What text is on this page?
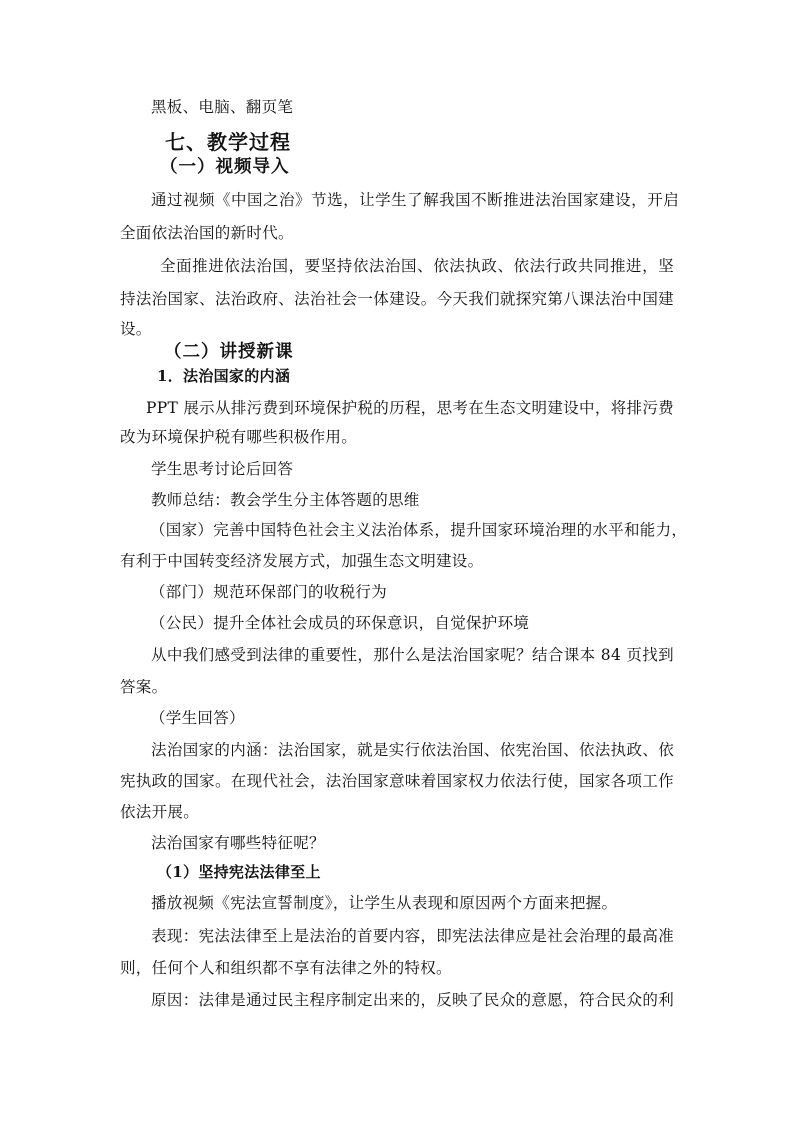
黑板、电脑、翻页笔
七、教学过程
（一）视频导入
通过视频《中国之治》节选，让学生了解我国不断推进法治国家建设，开启
全面依法治国的新时代。
全面推进依法治国，要坚持依法治国、依法执政、依法行政共同推进，坚
持法治国家、法治政府、法治社会一体建设。今天我们就探究第八课法治中国建
设。
（二）讲授新课
1．法治国家的内涵
PPT 展示从排污费到环境保护税的历程，思考在生态文明建设中，将排污费
改为环境保护税有哪些积极作用。
学生思考讨论后回答
教师总结：教会学生分主体答题的思维
（国家）完善中国特色社会主义法治体系，提升国家环境治理的水平和能力，
有利于中国转变经济发展方式，加强生态文明建设。
（部门）规范环保部门的收税行为
（公民）提升全体社会成员的环保意识，自觉保护环境
从中我们感受到法律的重要性，那什么是法治国家呢？结合课本 84 页找到
答案。
（学生回答）
法治国家的内涵：法治国家，就是实行依法治国、依宪治国、依法执政、依
宪执政的国家。在现代社会，法治国家意味着国家权力依法行使，国家各项工作
依法开展。
法治国家有哪些特征呢？
（1）坚持宪法法律至上
播放视频《宪法宣誓制度》，让学生从表现和原因两个方面来把握。
表现：宪法法律至上是法治的首要内容，即宪法法律应是社会治理的最高准
则，任何个人和组织都不享有法律之外的特权。
原因：法律是通过民主程序制定出来的，反映了民众的意愿，符合民众的利
